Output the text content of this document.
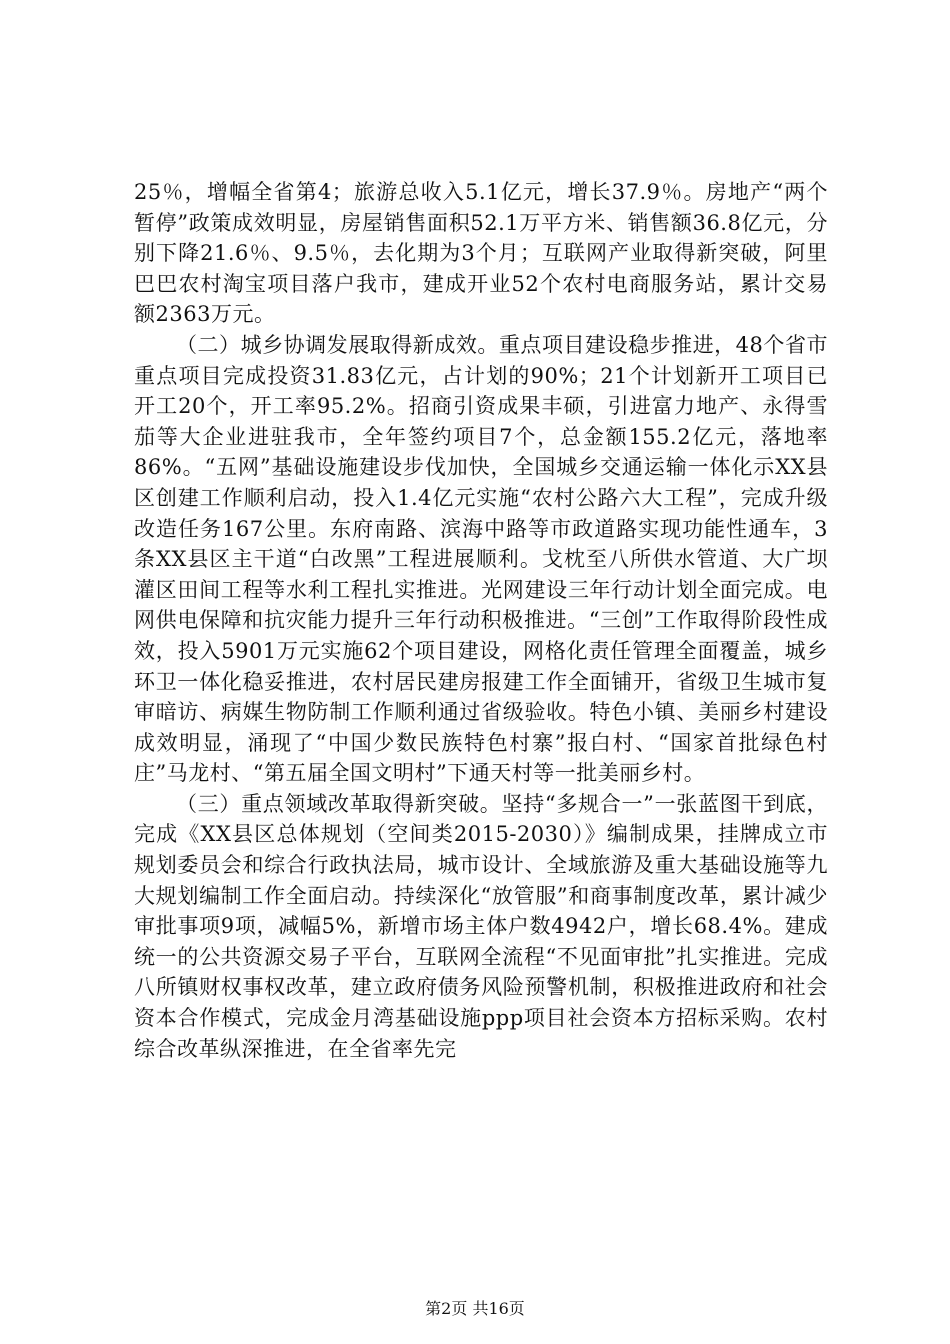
25％，增幅全省第4；旅游总收入5.1亿元，增长37.9％。房地产“两个暂停”政策成效明显，房屋销售面积52.1万平方米、销售额36.8亿元，分别下降21.6％、9.5％，去化期为3个月；互联网产业取得新突破，阿里巴巴农村淘宝项目落户我市，建成开业52个农村电商服务站，累计交易额2363万元。

（二）城乡协调发展取得新成效。重点项目建设稳步推进，48个省市重点项目完成投资31.83亿元，占计划的90%；21个计划新开工项目已开工20个，开工率95.2%。招商引资成果丰硕，引进富力地产、永得雪茄等大企业进驻我市，全年签约项目7个，总金额155.2亿元，落地率86%。“五网”基础设施建设步伐加快，全国城乡交通运输一体化示XX县区创建工作顺利启动，投入1.4亿元实施“农村公路六大工程”，完成升级改造任务167公里。东府南路、滨海中路等市政道路实现功能性通车，3条XX县区主干道“白改黑”工程进展顺利。戈枕至八所供水管道、大广坝灌区田间工程等水利工程扎实推进。光网建设三年行动计划全面完成。电网供电保障和抗灾能力提升三年行动积极推进。“三创”工作取得阶段性成效，投入5901万元实施62个项目建设，网格化责任管理全面覆盖，城乡环卫一体化稳妥推进，农村居民建房报建工作全面铺开，省级卫生城市复审暗访、病媒生物防制工作顺利通过省级验收。特色小镇、美丽乡村建设成效明显，涌现了“中国少数民族特色村寨”报白村、“国家首批绿色村庄”马龙村、“第五届全国文明村”下通天村等一批美丽乡村。

（三）重点领域改革取得新突破。坚持“多规合一”一张蓝图干到底，完成《XX县区总体规划（空间类2015-2030）》编制成果，挂牌成立市规划委员会和综合行政执法局，城市设计、全域旅游及重大基础设施等九大规划编制工作全面启动。持续深化“放管服”和商事制度改革，累计减少审批事项9项，减幅5%，新增市场主体户数4942户，增长68.4%。建成统一的公共资源交易子平台，互联网全流程“不见面审批”扎实推进。完成八所镇财权事权改革，建立政府债务风险预警机制，积极推进政府和社会资本合作模式，完成金月湾基础设施ppp项目社会资本方招标采购。农村综合改革纵深推进，在全省率先完

第2页 共16页
